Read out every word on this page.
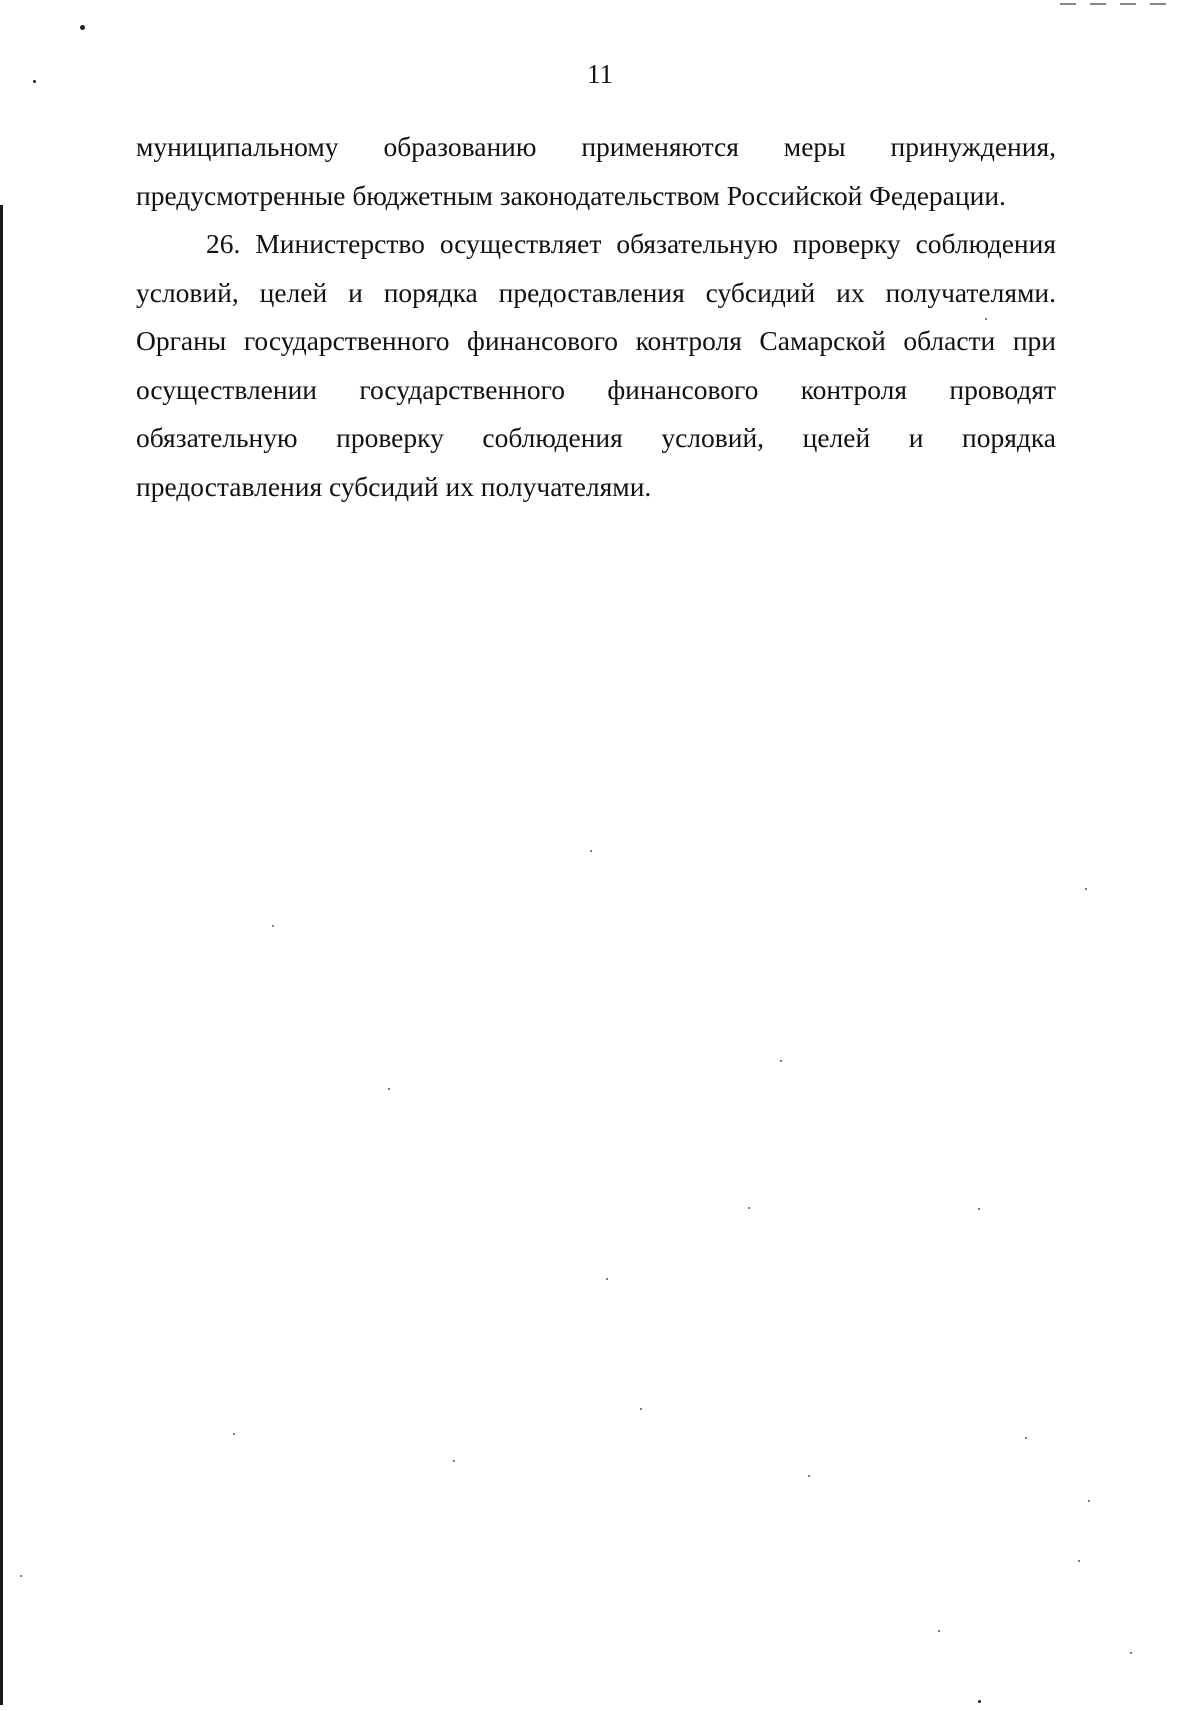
11

муниципальному образованию применяются меры принуждения,
предусмотренные бюджетным законодательством Российской Федерации.

26. Министерство осуществляет обязательную проверку соблюдения
условий, целей и порядка предоставления субсидий их получателями.
Органы государственного финансового контроля Самарской области при
осуществлении государственного финансового контроля проводят
обязательную проверку соблюдения условий, целей и порядка
предоставления субсидий их получателями.
